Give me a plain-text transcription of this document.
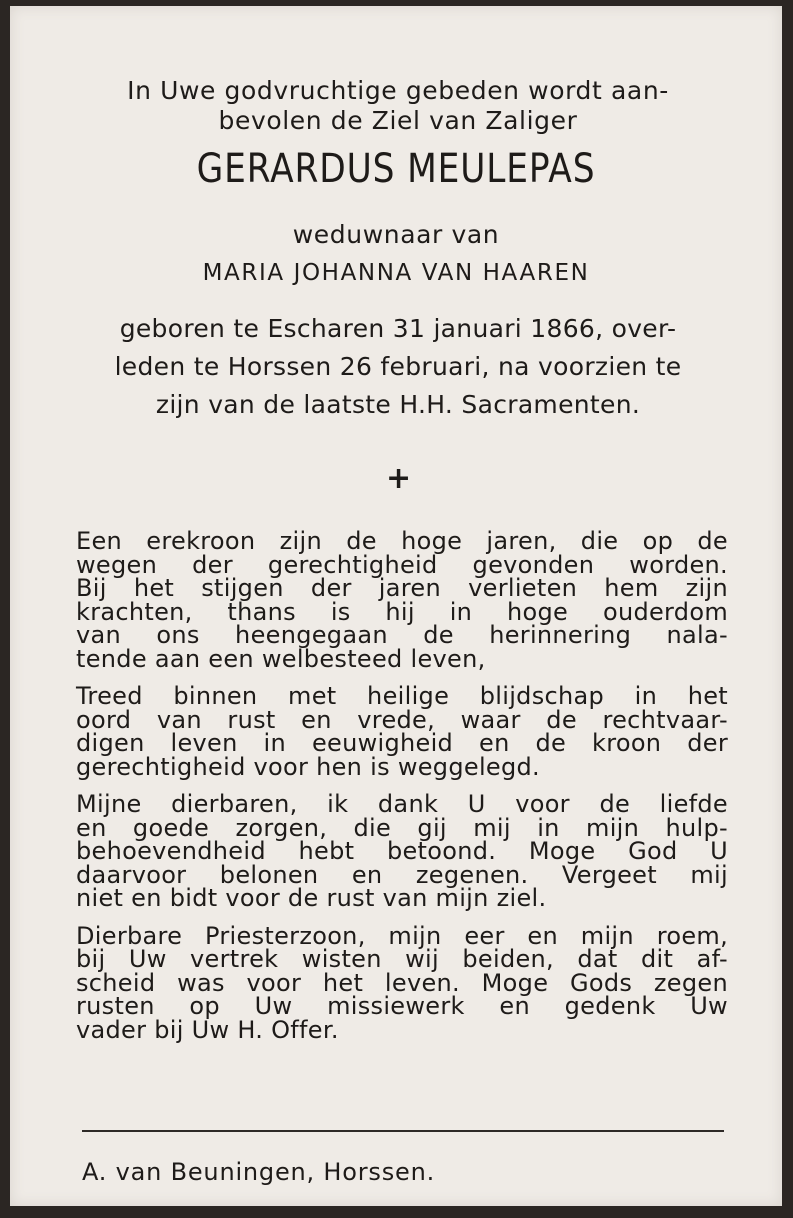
In Uwe godvruchtige gebeden wordt aan-

bevolen de Ziel van Zaliger

GERARDUS MEULEPAS
weduwnaar van
MARIA JOHANNA VAN HAAREN

geboren te Escharen 31 januari 1866, over-

leden te Horssen 26 februari, na voorzien te

zijn van de laatste H.H. Sacramenten.

+
Een erekroon zijn de hoge jaren, die op de
wegen der gerechtigheid gevonden worden.
Bij het stijgen der jaren verlieten hem zijn
krachten, thans is hij in hoge ouderdom
van ons heengegaan de herinnering nala-
tende aan een welbesteed leven,
Treed binnen met heilige blijdschap in het
oord van rust en vrede, waar de rechtvaar-
digen leven in eeuwigheid en de kroon der
gerechtigheid voor hen is weggelegd.
Mijne dierbaren, ik dank U voor de liefde
en goede zorgen, die gij mij in mijn hulp-
behoevendheid hebt betoond. Moge God U
daarvoor belonen en zegenen. Vergeet mij
niet en bidt voor de rust van mijn ziel.
Dierbare Priesterzoon, mijn eer en mijn roem,
bij Uw vertrek wisten wij beiden, dat dit af-
scheid was voor het leven. Moge Gods zegen
rusten op Uw missiewerk en gedenk Uw
vader bij Uw H. Offer.
A. van Beuningen, Horssen.
